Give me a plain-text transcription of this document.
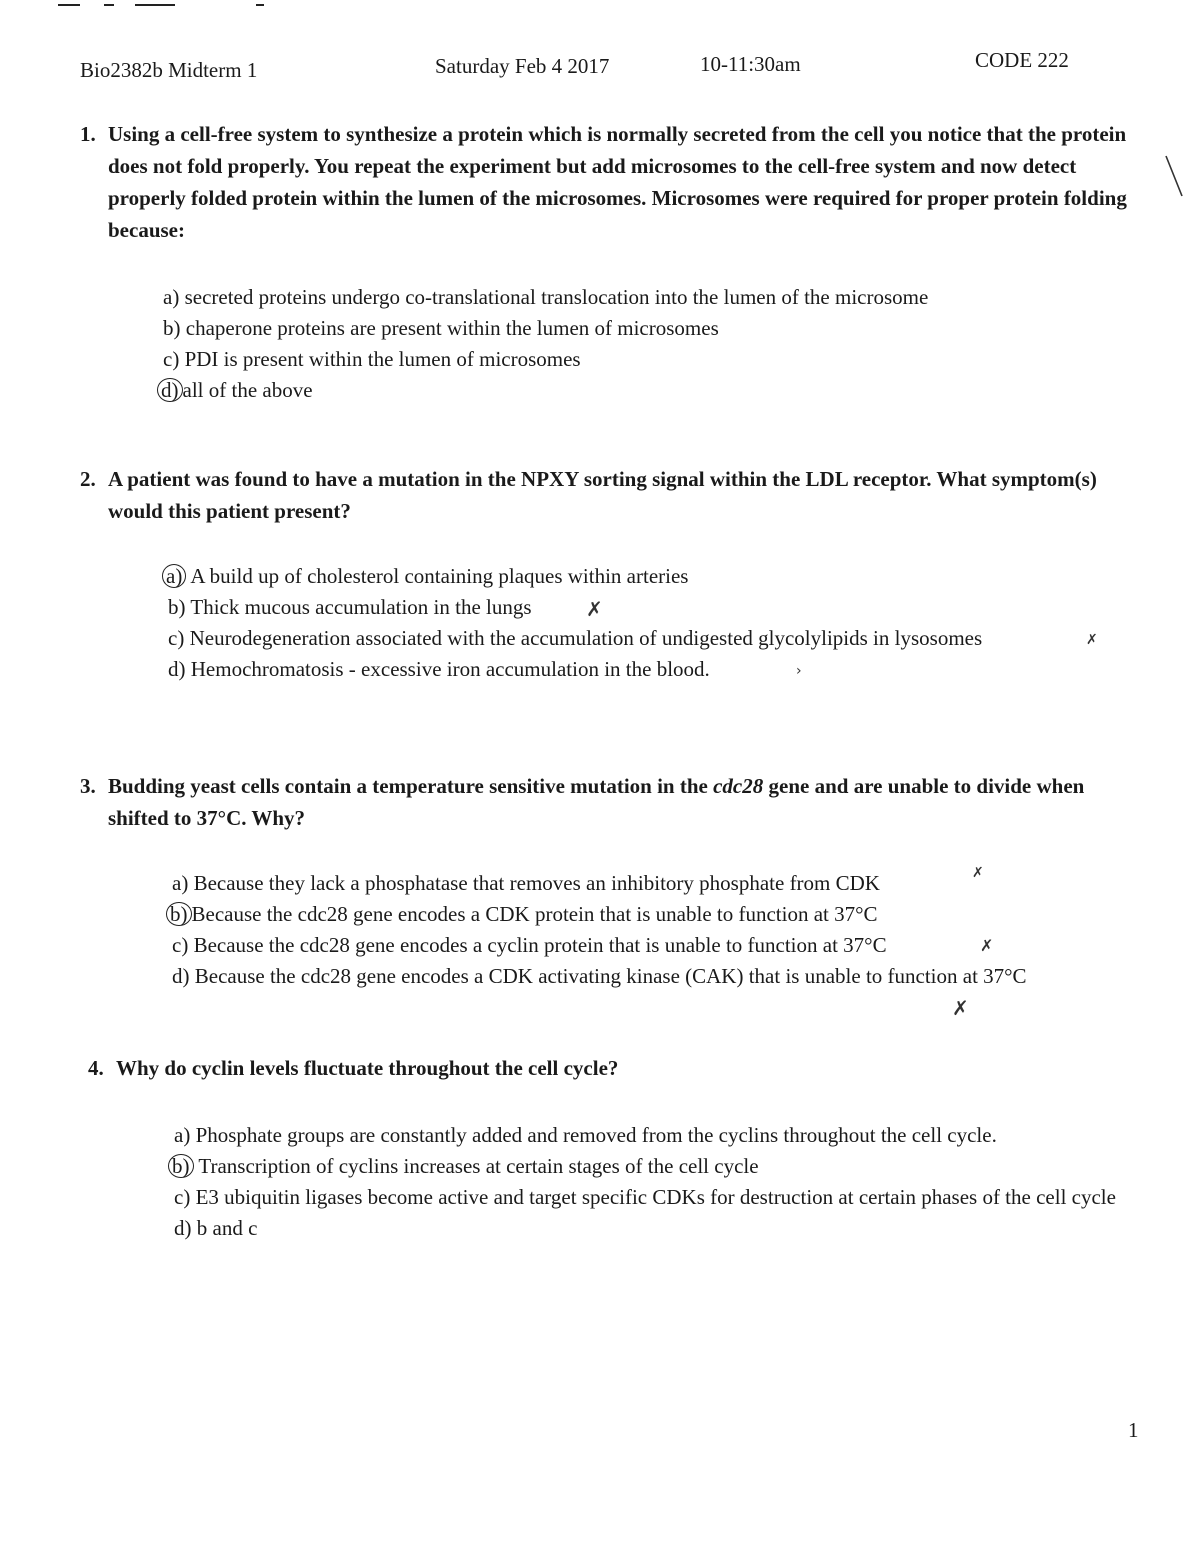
Bio2382b Midterm 1	Saturday Feb 4 2017	10-11:30am	CODE 222

1. Using a cell-free system to synthesize a protein which is normally secreted from the cell you notice that the protein does not fold properly. You repeat the experiment but add microsomes to the cell-free system and now detect properly folded protein within the lumen of the microsomes. Microsomes were required for proper protein folding because:

a) secreted proteins undergo co-translational translocation into the lumen of the microsome
b) chaperone proteins are present within the lumen of microsomes
c) PDI is present within the lumen of microsomes
d) all of the above

2. A patient was found to have a mutation in the NPXY sorting signal within the LDL receptor. What symptom(s) would this patient present?

a) A build up of cholesterol containing plaques within arteries
b) Thick mucous accumulation in the lungs	✗
c) Neurodegeneration associated with the accumulation of undigested glycolylipids in lysosomes	✗
d) Hemochromatosis - excessive iron accumulation in the blood.	›

3. Budding yeast cells contain a temperature sensitive mutation in the cdc28 gene and are unable to divide when shifted to 37°C. Why?

a) Because they lack a phosphatase that removes an inhibitory phosphate from CDK	✗
b) Because the cdc28 gene encodes a CDK protein that is unable to function at 37°C
c) Because the cdc28 gene encodes a cyclin protein that is unable to function at 37°C	✗
d) Because the cdc28 gene encodes a CDK activating kinase (CAK) that is unable to function at 37°C
✗

4. Why do cyclin levels fluctuate throughout the cell cycle?

a) Phosphate groups are constantly added and removed from the cyclins throughout the cell cycle.
b) Transcription of cyclins increases at certain stages of the cell cycle
c) E3 ubiquitin ligases become active and target specific CDKs for destruction at certain phases of the cell cycle
d) b and c
1
